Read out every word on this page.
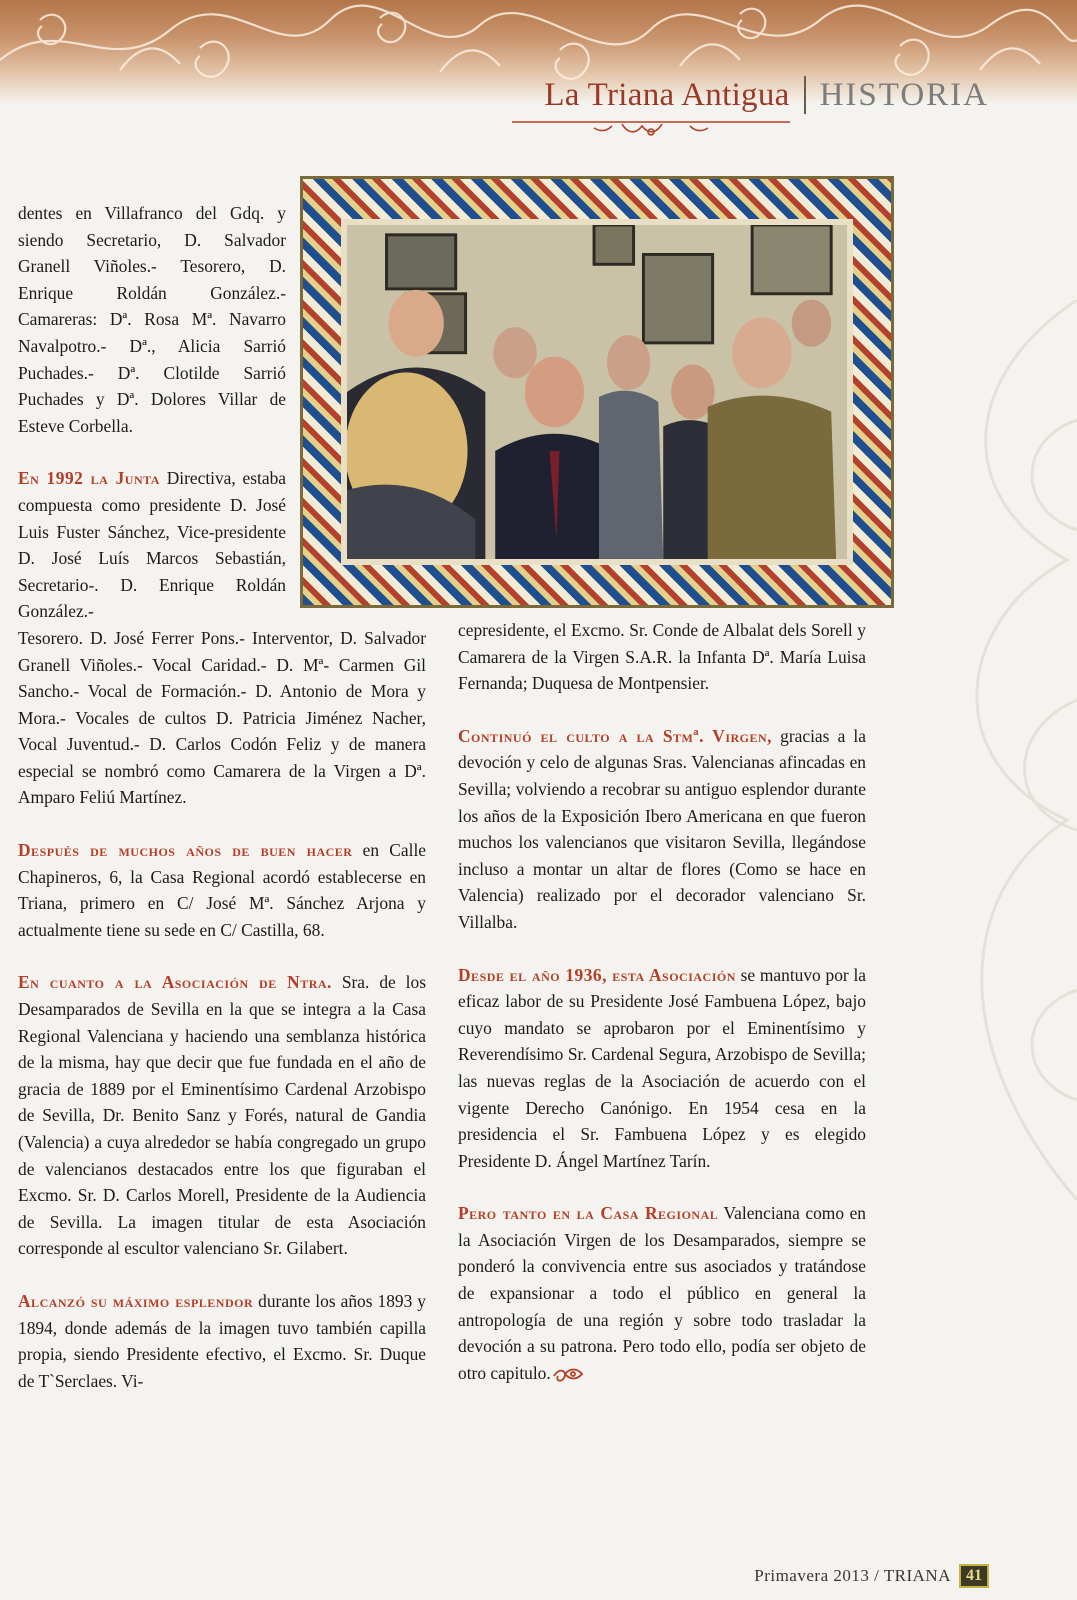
La Triana Antigua HISTORIA

dentes en Villafranco del Gdq. y siendo Secretario, D. Salvador Granell Viñoles.- Tesorero, D. Enrique Roldán González.- Camareras: Dª. Rosa Mª. Navarro Navalpotro.- Dª., Alicia Sarrió Puchades.- Dª. Clotilde Sarrió Puchades y Dª. Dolores Villar de Esteve Corbella.

En 1992 la Junta Directiva, estaba compuesta como presidente D. José Luis Fuster Sánchez, Vice-presidente D. José Luís Marcos Sebastián, Secretario-. D. Enrique Roldán González.-

Tesorero. D. José Ferrer Pons.- Interventor, D. Salvador Granell Viñoles.- Vocal Caridad.- D. Mª- Carmen Gil Sancho.- Vocal de Formación.- D. Antonio de Mora y Mora.- Vocales de cultos D. Patricia Jiménez Nacher, Vocal Juventud.- D. Carlos Codón Feliz y de manera especial se nombró como Camarera de la Virgen a Dª. Amparo Feliú Martínez.

Después de muchos años de buen hacer en Calle Chapineros, 6, la Casa Regional acordó establecerse en Triana, primero en C/ José Mª. Sánchez Arjona y actualmente tiene su sede en C/ Castilla, 68.

En cuanto a la Asociación de Ntra. Sra. de los Desamparados de Sevilla en la que se integra a la Casa Regional Valenciana y haciendo una semblanza histórica de la misma, hay que decir que fue fundada en el año de gracia de 1889 por el Eminentísimo Cardenal Arzobispo de Sevilla, Dr. Benito Sanz y Forés, natural de Gandia (Valencia) a cuya alrededor se había congregado un grupo de valencianos destacados entre los que figuraban el Excmo. Sr. D. Carlos Morell, Presidente de la Audiencia de Sevilla. La imagen titular de esta Asociación corresponde al escultor valenciano Sr. Gilabert.

Alcanzó su máximo esplendor durante los años 1893 y 1894, donde además de la imagen tuvo también capilla propia, siendo Presidente efectivo, el Excmo. Sr. Duque de T`Serclaes. Vi-

cepresidente, el Excmo. Sr. Conde de Albalat dels Sorell y Camarera de la Virgen S.A.R. la Infanta Dª. María Luisa Fernanda; Duquesa de Montpensier.

Continuó el culto a la Stmª. Virgen, gracias a la devoción y celo de algunas Sras. Valencianas afincadas en Sevilla; volviendo a recobrar su antiguo esplendor durante los años de la Exposición Ibero Americana en que fueron muchos los valencianos que visitaron Sevilla, llegándose incluso a montar un altar de flores (Como se hace en Valencia) realizado por el decorador valenciano Sr. Villalba.

Desde el año 1936, esta Asociación se mantuvo por la eficaz labor de su Presidente José Fambuena López, bajo cuyo mandato se aprobaron por el Eminentísimo y Reverendísimo Sr. Cardenal Segura, Arzobispo de Sevilla; las nuevas reglas de la Asociación de acuerdo con el vigente Derecho Canónigo. En 1954 cesa en la presidencia el Sr. Fambuena López y es elegido Presidente D. Ángel Martínez Tarín.

Pero tanto en la Casa Regional Valenciana como en la Asociación Virgen de los Desamparados, siempre se ponderó la convivencia entre sus asociados y tratándose de expansionar a todo el público en general la antropología de una región y sobre todo trasladar la devoción a su patrona. Pero todo ello, podía ser objeto de otro capitulo.

Primavera 2013 / TRIANA 41
